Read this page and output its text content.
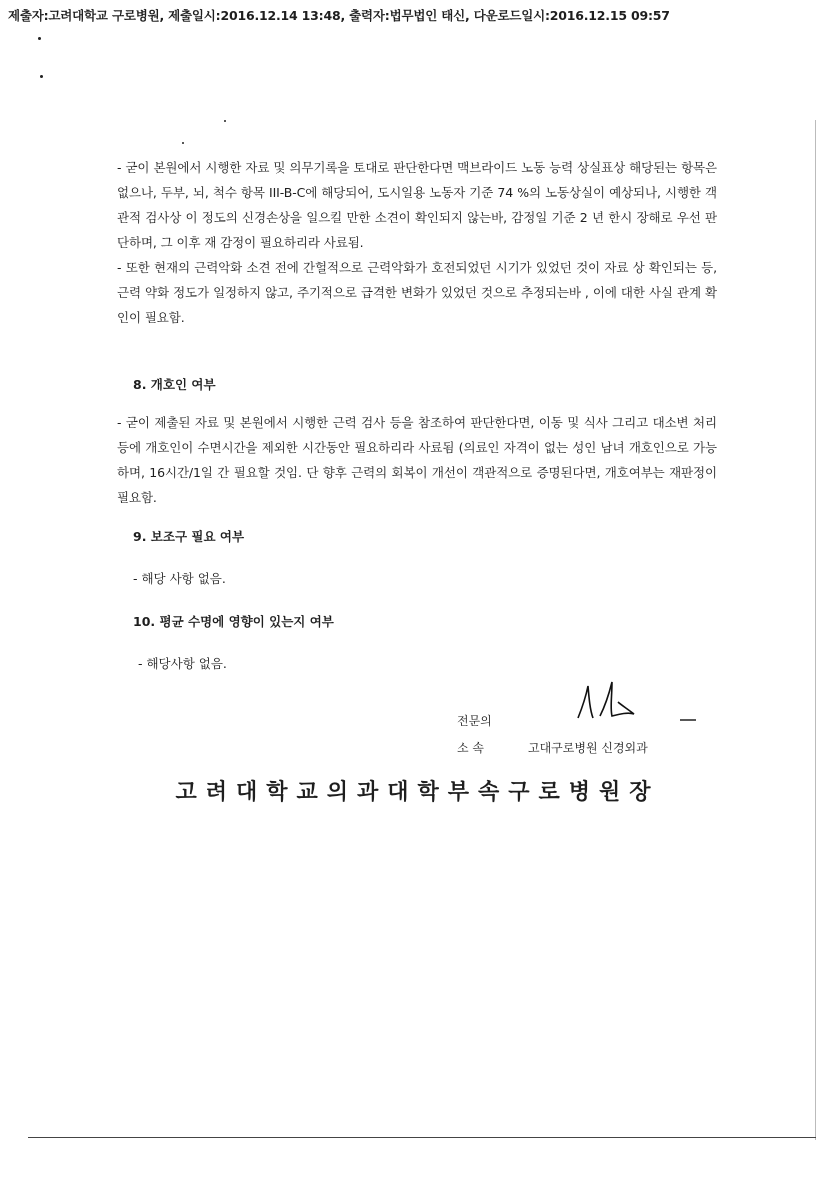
제출자:고려대학교 구로병원, 제출일시:2016.12.14 13:48, 출력자:법무법인 태신, 다운로드일시:2016.12.15 09:57

- 굳이 본원에서 시행한 자료 및 의무기록을 토대로 판단한다면 맥브라이드 노동 능력 상실표상 해당된는 항목은 없으나, 두부, 뇌, 척수 항목 III-B-C에 해당되어, 도시일용 노동자 기준 74 %의 노동상실이 예상되나, 시행한 객관적 검사상 이 정도의 신경손상을 일으킬 만한 소견이 확인되지 않는바, 감정일 기준 2 년 한시 장해로 우선 판단하며, 그 이후 재 감정이 필요하리라 사료됨.

- 또한 현재의 근력악화 소견 전에 간헐적으로 근력악화가 호전되었던 시기가 있었던 것이 자료 상 확인되는 등, 근력 약화 정도가 일정하지 않고, 주기적으로 급격한 변화가 있었던 것으로 추정되는바 , 이에 대한 사실 관계 확인이 필요함.

8. 개호인 여부

- 굳이 제출된 자료 및 본원에서 시행한 근력 검사 등을 참조하여 판단한다면, 이동 및 식사 그리고 대소변 처리 등에 개호인이 수면시간을 제외한 시간동안 필요하리라 사료됨 (의료인 자격이 없는 성인 남녀 개호인으로 가능하며, 16시간/1일 간 필요할 것임. 단 향후 근력의 회복이 개선이 객관적으로 증명된다면, 개호여부는 재판정이 필요함.

9. 보조구 필요 여부
- 해당 사항 없음.
10. 평균 수명에 영향이 있는지 여부
- 해당사항 없음.
전문의
소 속	고대구로병원 신경외과
고려대학교의과대학부속구로병원장
